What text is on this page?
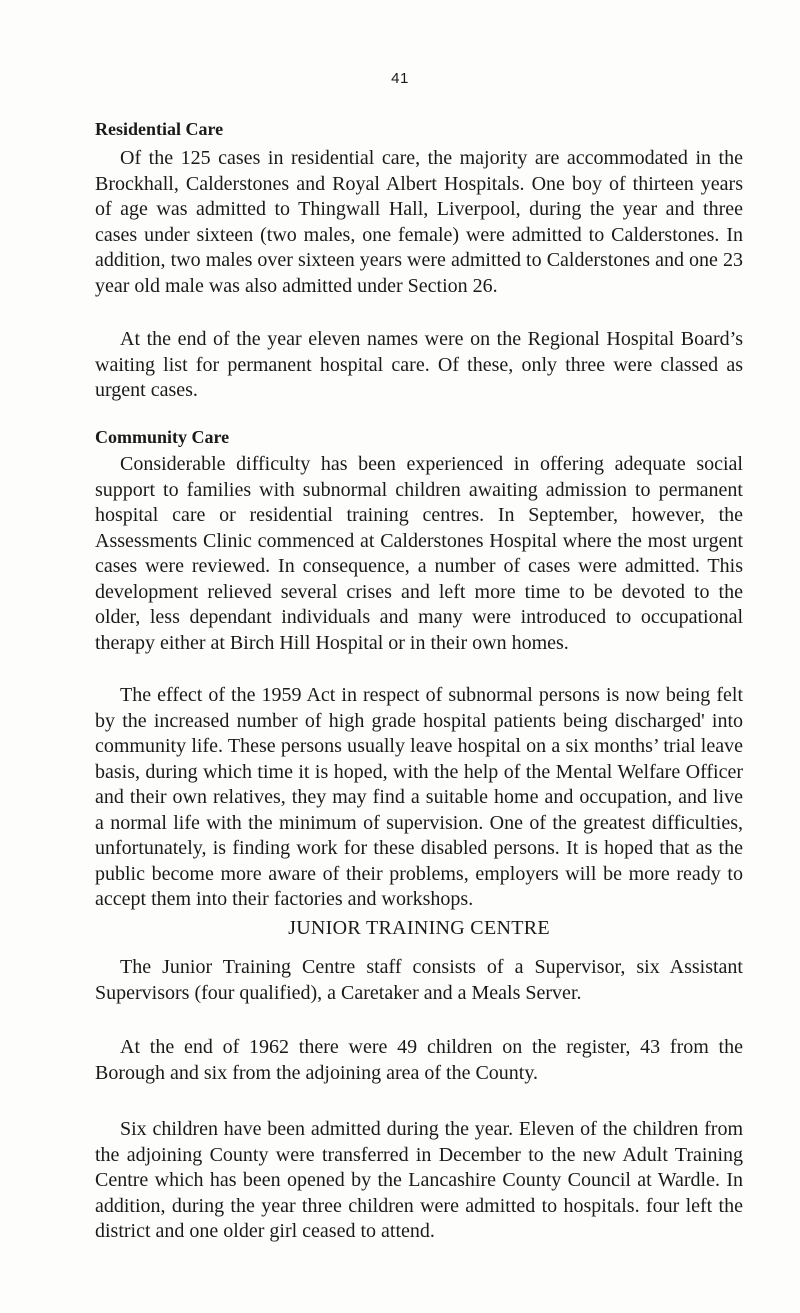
41

Residential Care

Of the 125 cases in residential care, the majority are accommodated in the Brockhall, Calderstones and Royal Albert Hospitals. One boy of thirteen years of age was admitted to Thingwall Hall, Liverpool, during the year and three cases under sixteen (two males, one female) were admitted to Calderstones. In addition, two males over sixteen years were admitted to Calderstones and one 23 year old male was also admitted under Section 26.

At the end of the year eleven names were on the Regional Hospital Board’s waiting list for permanent hospital care. Of these, only three were classed as urgent cases.

Community Care

Considerable difficulty has been experienced in offering adequate social support to families with subnormal children awaiting admission to permanent hospital care or residential training centres. In September, however, the Assessments Clinic commenced at Calderstones Hospital where the most urgent cases were reviewed. In consequence, a number of cases were admitted. This development relieved several crises and left more time to be devoted to the older, less dependant individuals and many were introduced to occupational therapy either at Birch Hill Hospital or in their own homes.

The effect of the 1959 Act in respect of subnormal persons is now being felt by the increased number of high grade hospital patients being discharged' into community life. These persons usually leave hospital on a six months’ trial leave basis, during which time it is hoped, with the help of the Mental Welfare Officer and their own relatives, they may find a suitable home and occupation, and live a normal life with the minimum of supervision. One of the greatest difficulties, unfortunately, is finding work for these disabled persons. It is hoped that as the public become more aware of their problems, employers will be more ready to accept them into their factories and workshops.

JUNIOR TRAINING CENTRE

The Junior Training Centre staff consists of a Supervisor, six Assistant Supervisors (four qualified), a Caretaker and a Meals Server.

At the end of 1962 there were 49 children on the register, 43 from the Borough and six from the adjoining area of the County.

Six children have been admitted during the year. Eleven of the children from the adjoining County were transferred in December to the new Adult Training Centre which has been opened by the Lancashire County Council at Wardle. In addition, during the year three children were admitted to hospitals. four left the district and one older girl ceased to attend.
